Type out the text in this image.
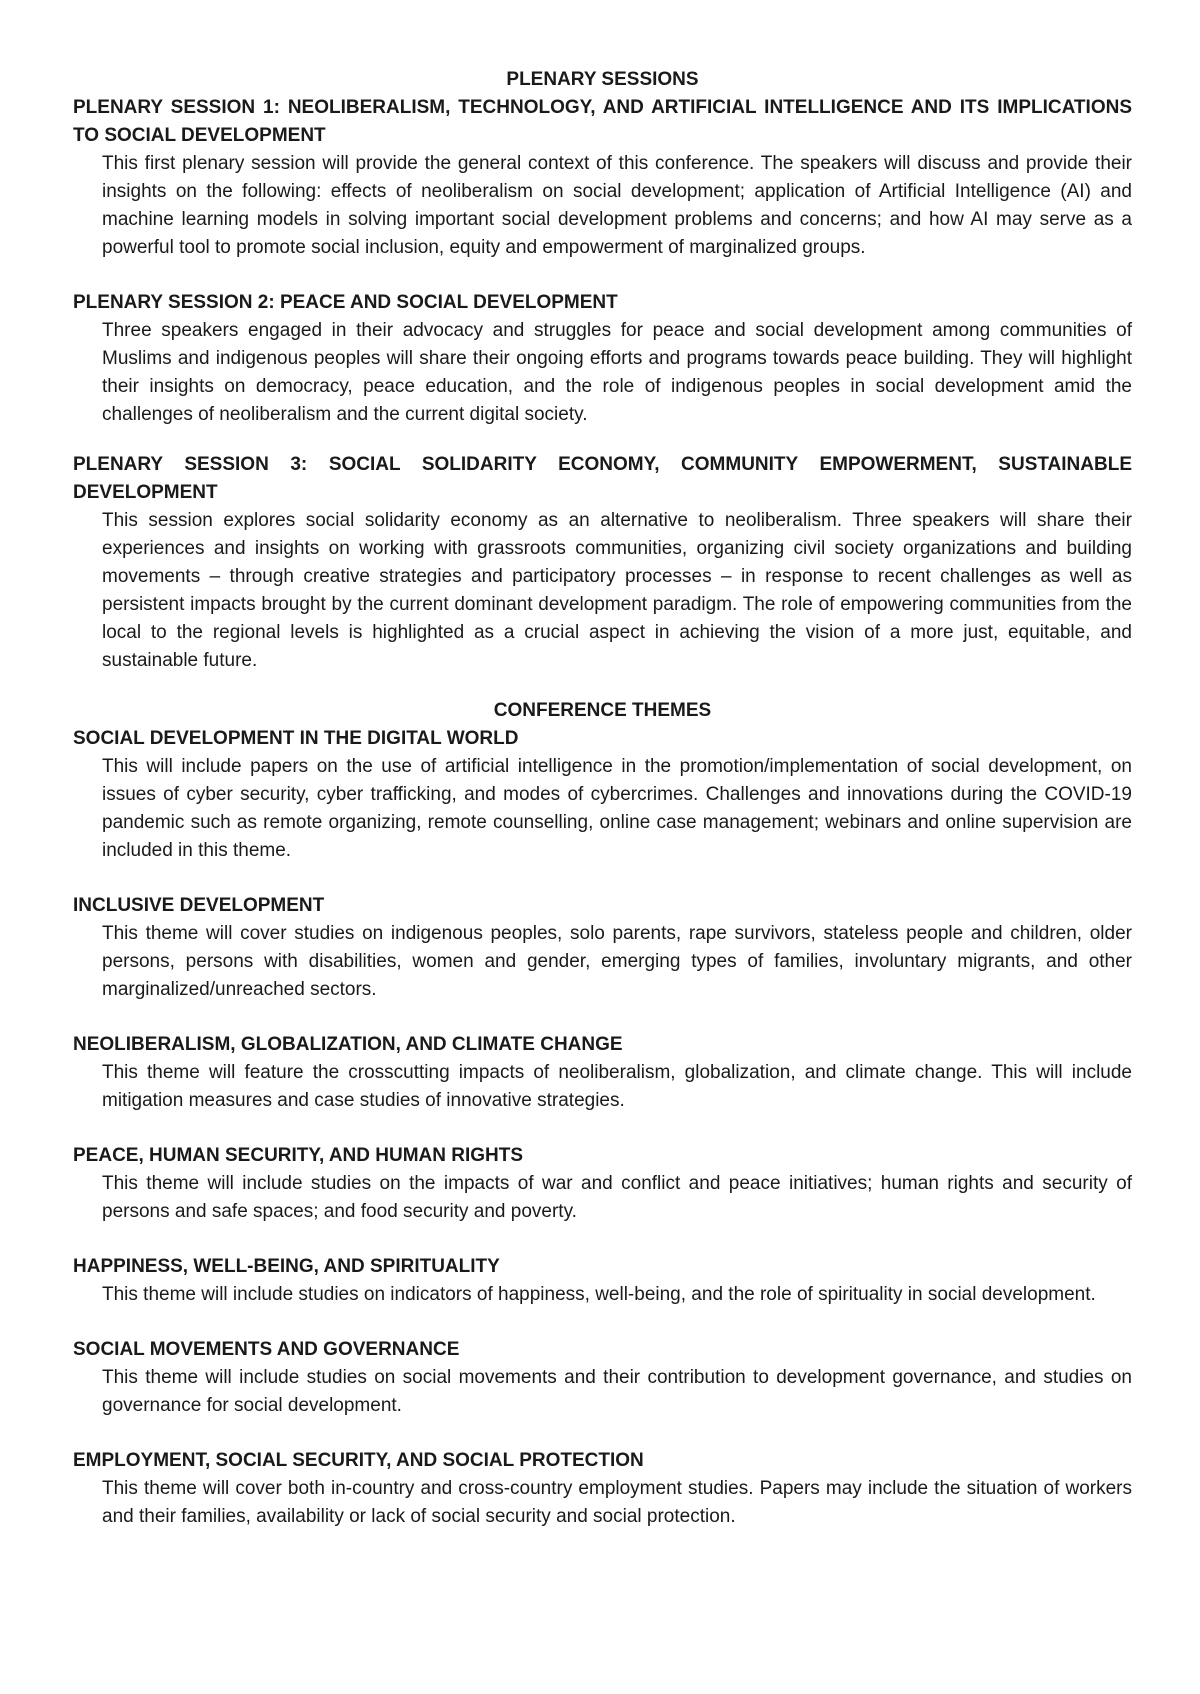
PLENARY SESSIONS

PLENARY SESSION 1: NEOLIBERALISM, TECHNOLOGY, AND ARTIFICIAL INTELLIGENCE AND ITS IMPLICATIONS TO SOCIAL DEVELOPMENT

This first plenary session will provide the general context of this conference. The speakers will discuss and provide their insights on the following: effects of neoliberalism on social development; application of Artificial Intelligence (AI) and machine learning models in solving important social development problems and concerns; and how AI may serve as a powerful tool to promote social inclusion, equity and empowerment of marginalized groups.

PLENARY SESSION 2: PEACE AND SOCIAL DEVELOPMENT

Three speakers engaged in their advocacy and struggles for peace and social development among communities of Muslims and indigenous peoples will share their ongoing efforts and programs towards peace building. They will highlight their insights on democracy, peace education, and the role of indigenous peoples in social development amid the challenges of neoliberalism and the current digital society.

PLENARY SESSION 3: SOCIAL SOLIDARITY ECONOMY, COMMUNITY EMPOWERMENT, SUSTAINABLE DEVELOPMENT

This session explores social solidarity economy as an alternative to neoliberalism. Three speakers will share their experiences and insights on working with grassroots communities, organizing civil society organizations and building movements – through creative strategies and participatory processes – in response to recent challenges as well as persistent impacts brought by the current dominant development paradigm. The role of empowering communities from the local to the regional levels is highlighted as a crucial aspect in achieving the vision of a more just, equitable, and sustainable future.

CONFERENCE THEMES

SOCIAL DEVELOPMENT IN THE DIGITAL WORLD

This will include papers on the use of artificial intelligence in the promotion/implementation of social development, on issues of cyber security, cyber trafficking, and modes of cybercrimes. Challenges and innovations during the COVID-19 pandemic such as remote organizing, remote counselling, online case management; webinars and online supervision are included in this theme.

INCLUSIVE DEVELOPMENT

This theme will cover studies on indigenous peoples, solo parents, rape survivors, stateless people and children, older persons, persons with disabilities, women and gender, emerging types of families, involuntary migrants, and other marginalized/unreached sectors.

NEOLIBERALISM, GLOBALIZATION, AND CLIMATE CHANGE

This theme will feature the crosscutting impacts of neoliberalism, globalization, and climate change. This will include mitigation measures and case studies of innovative strategies.

PEACE, HUMAN SECURITY, AND HUMAN RIGHTS

This theme will include studies on the impacts of war and conflict and peace initiatives; human rights and security of persons and safe spaces; and food security and poverty.

HAPPINESS, WELL-BEING, AND SPIRITUALITY

This theme will include studies on indicators of happiness, well-being, and the role of spirituality in social development.

SOCIAL MOVEMENTS AND GOVERNANCE

This theme will include studies on social movements and their contribution to development governance, and studies on governance for social development.

EMPLOYMENT, SOCIAL SECURITY, AND SOCIAL PROTECTION

This theme will cover both in-country and cross-country employment studies. Papers may include the situation of workers and their families, availability or lack of social security and social protection.
